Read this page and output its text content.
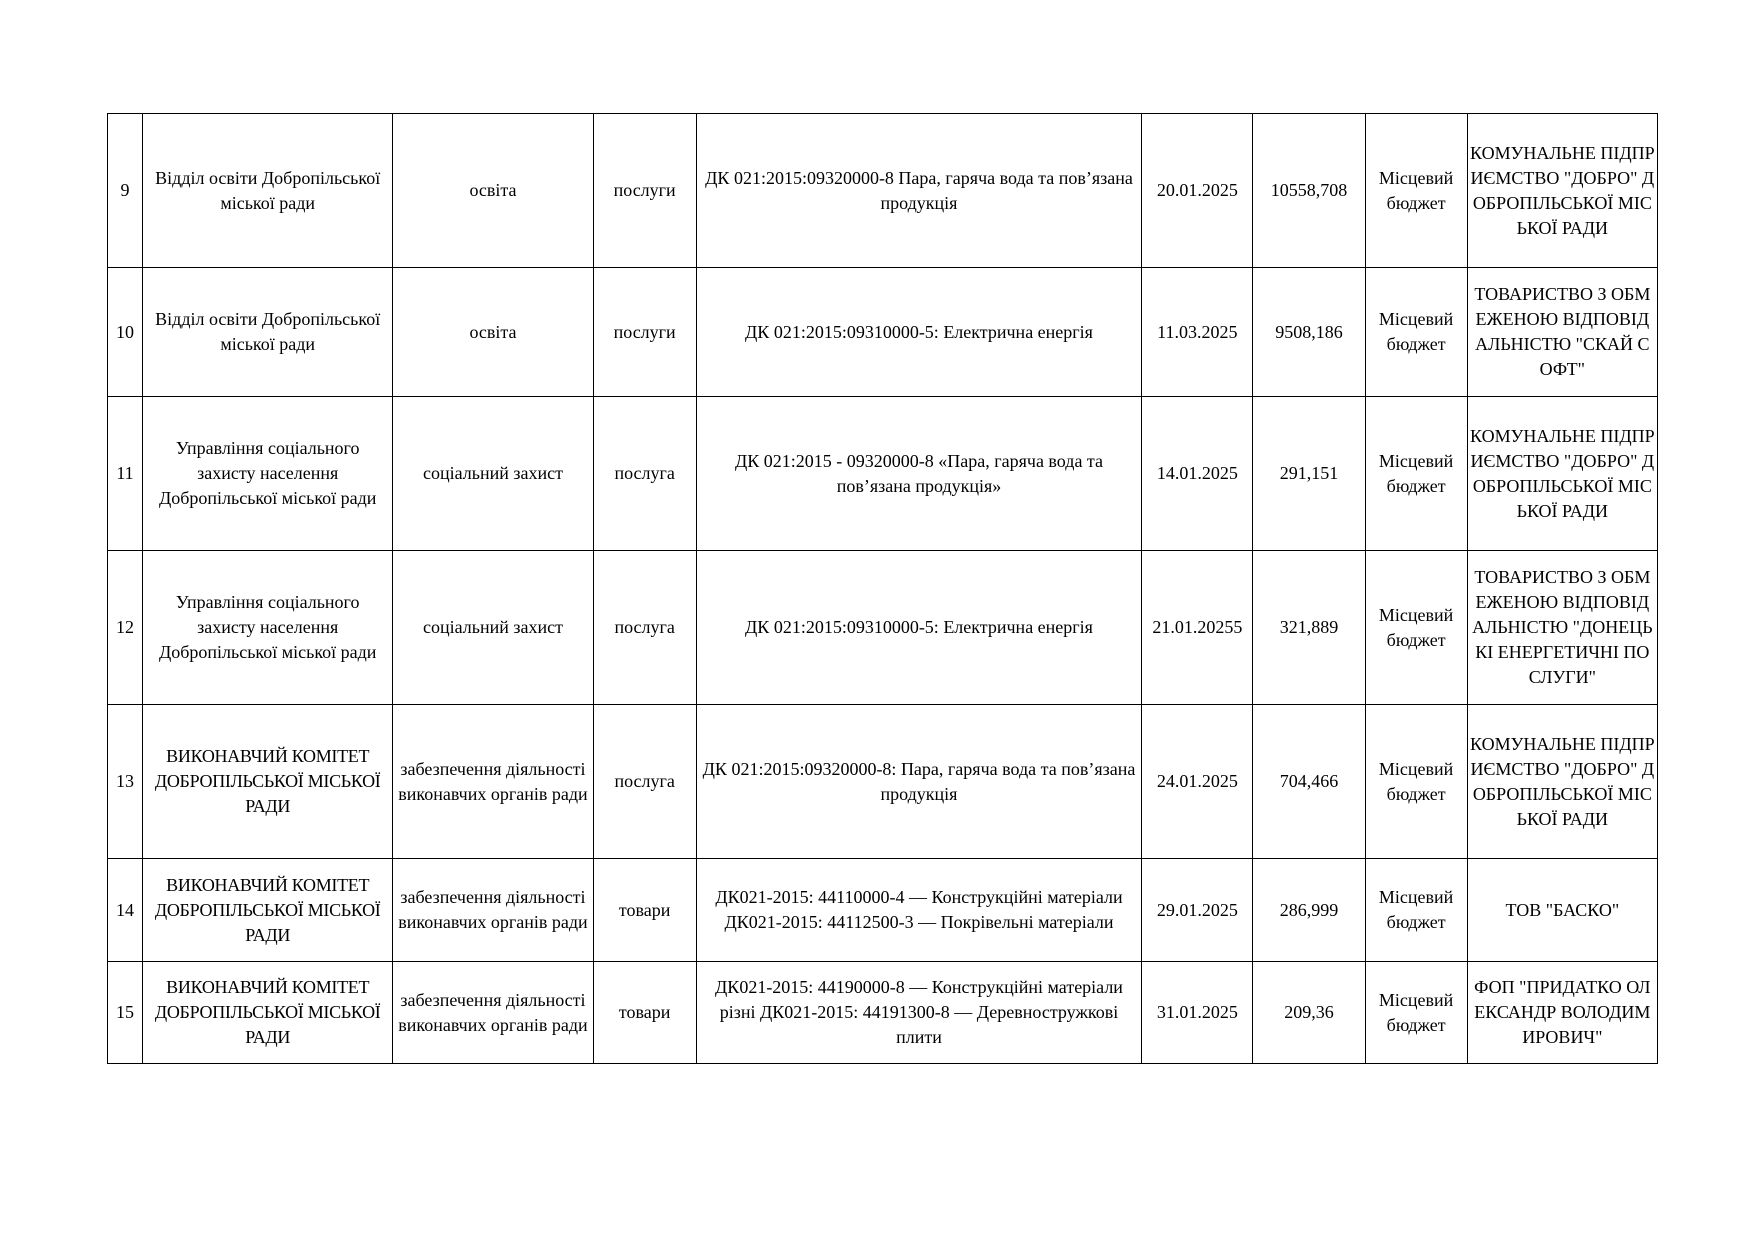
9	Відділ освіти Добропільської міської ради	освіта	послуги	ДК 021:2015:09320000-8 Пара, гаряча вода та пов’язана продукція	20.01.2025	10558,708	Місцевий бюджет	КОМУНАЛЬНЕ ПІДПРИЄМСТВО "ДОБРО" ДОБРОПІЛЬСЬКОЇ МІСЬКОЇ РАДИ
10	Відділ освіти Добропільської міської ради	освіта	послуги	ДК 021:2015:09310000-5: Електрична енергія	11.03.2025	9508,186	Місцевий бюджет	ТОВАРИСТВО З ОБМЕЖЕНОЮ ВІДПОВІДАЛЬНІСТЮ "СКАЙ СОФТ"
11	Управління соціального захисту населення Добропільської міської ради	соціальний захист	послуга	ДК 021:2015 - 09320000-8 «Пара, гаряча вода та пов’язана продукція»	14.01.2025	291,151	Місцевий бюджет	КОМУНАЛЬНЕ ПІДПРИЄМСТВО "ДОБРО" ДОБРОПІЛЬСЬКОЇ МІСЬКОЇ РАДИ
12	Управління соціального захисту населення Добропільської міської ради	соціальний захист	послуга	ДК 021:2015:09310000-5: Електрична енергія	21.01.20255	321,889	Місцевий бюджет	ТОВАРИСТВО З ОБМЕЖЕНОЮ ВІДПОВІДАЛЬНІСТЮ "ДОНЕЦЬКІ ЕНЕРГЕТИЧНІ ПОСЛУГИ"
13	ВИКОНАВЧИЙ КОМІТЕТ ДОБРОПІЛЬСЬКОЇ МІСЬКОЇ РАДИ	забезпечення діяльності виконавчих органів ради	послуга	ДК 021:2015:09320000-8: Пара, гаряча вода та пов’язана продукція	24.01.2025	704,466	Місцевий бюджет	КОМУНАЛЬНЕ ПІДПРИЄМСТВО "ДОБРО" ДОБРОПІЛЬСЬКОЇ МІСЬКОЇ РАДИ
14	ВИКОНАВЧИЙ КОМІТЕТ ДОБРОПІЛЬСЬКОЇ МІСЬКОЇ РАДИ	забезпечення діяльності виконавчих органів ради	товари	ДК021-2015: 44110000-4 — Конструкційні матеріали ДК021-2015: 44112500-3 — Покрівельні матеріали	29.01.2025	286,999	Місцевий бюджет	ТОВ "БАСКО"
15	ВИКОНАВЧИЙ КОМІТЕТ ДОБРОПІЛЬСЬКОЇ МІСЬКОЇ РАДИ	забезпечення діяльності виконавчих органів ради	товари	ДК021-2015: 44190000-8 — Конструкційні матеріали різні ДК021-2015: 44191300-8 — Деревностружкові плити	31.01.2025	209,36	Місцевий бюджет	ФОП "ПРИДАТКО ОЛЕКСАНДР ВОЛОДИМИРОВИЧ"
